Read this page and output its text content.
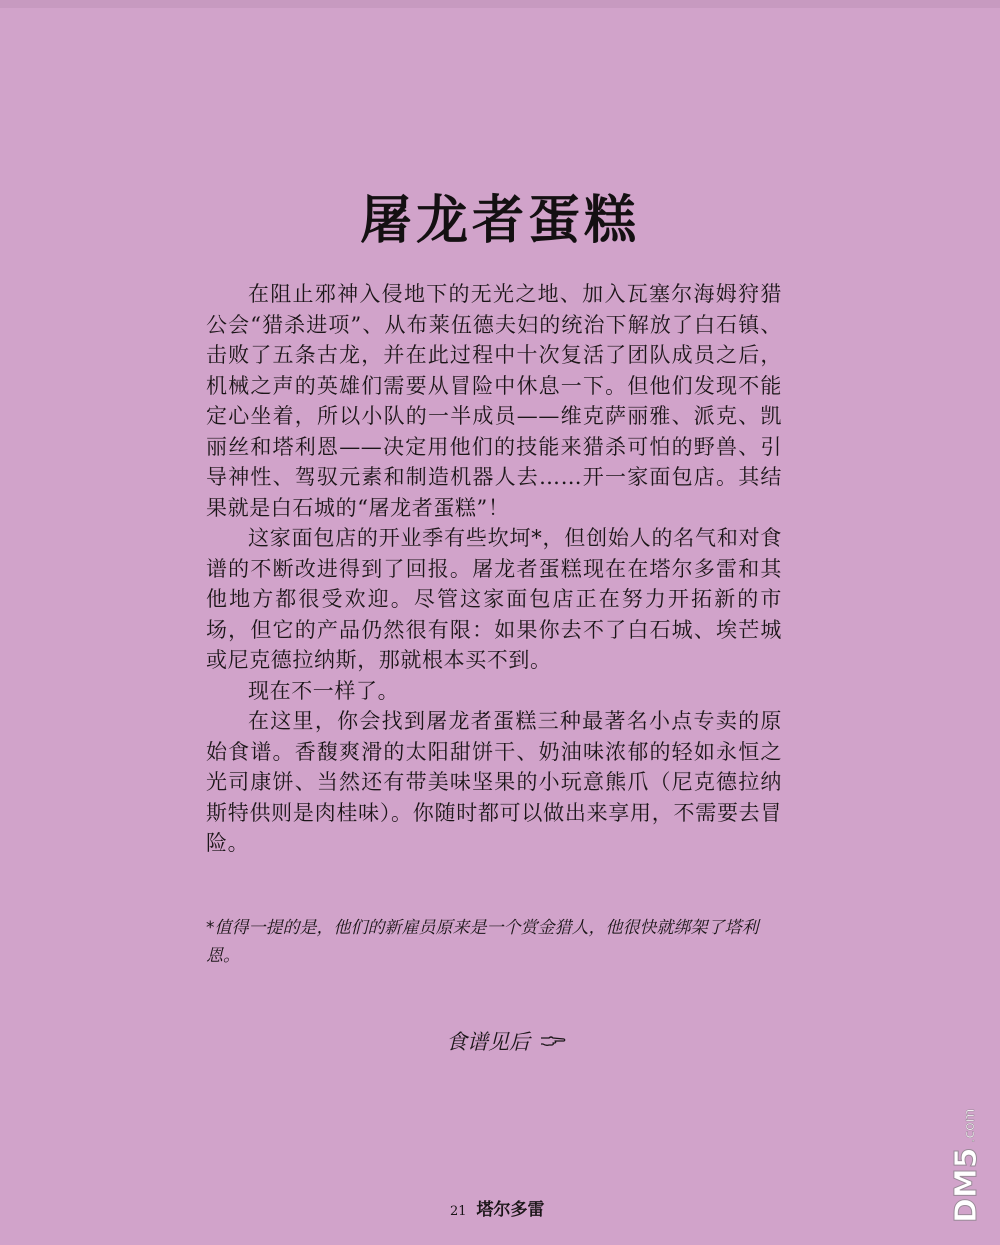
屠龙者蛋糕

在阻止邪神入侵地下的无光之地、加入瓦塞尔海姆狩猎公会“猎杀进项”、从布莱伍德夫妇的统治下解放了白石镇、击败了五条古龙，并在此过程中十次复活了团队成员之后，机械之声的英雄们需要从冒险中休息一下。但他们发现不能定心坐着，所以小队的一半成员——维克萨丽雅、派克、凯丽丝和塔利恩——决定用他们的技能来猎杀可怕的野兽、引导神性、驾驭元素和制造机器人去……开一家面包店。其结果就是白石城的“屠龙者蛋糕”！

这家面包店的开业季有些坎坷*，但创始人的名气和对食谱的不断改进得到了回报。屠龙者蛋糕现在在塔尔多雷和其他地方都很受欢迎。尽管这家面包店正在努力开拓新的市场，但它的产品仍然很有限：如果你去不了白石城、埃芒城或尼克德拉纳斯，那就根本买不到。

现在不一样了。

在这里，你会找到屠龙者蛋糕三种最著名小点专卖的原始食谱。香馥爽滑的太阳甜饼干、奶油味浓郁的轻如永恒之光司康饼、当然还有带美味坚果的小玩意熊爪（尼克德拉纳斯特供则是肉桂味）。你随时都可以做出来享用，不需要去冒险。

*值得一提的是，他们的新雇员原来是一个赏金猎人，他很快就绑架了塔利恩。
食谱见后
21 塔尔多雷	DM5
.com
